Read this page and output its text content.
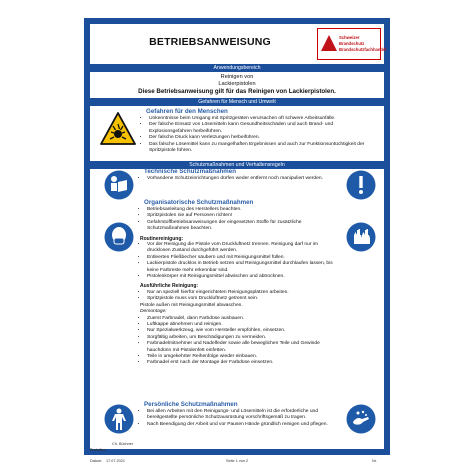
BETRIEBSANWEISUNG	Schweizer
Brandschutz
Brandschutzfachhandel
Anwendungsbereich
Reinigen von
Lackierpistolen
Diese Betriebsanweisung gilt für das Reinigen von Lackierpistolen.
Gefahren für Mensch und Umwelt
Gefahren für den Menschen
• Unkenntnisse beim Umgang mit Spritzgeräten verursachen oft schwere Arbeitsunfälle.
• Der falsche Einsatz von Lösemitteln kann Gesundheitsschäden und auch Brand- und Explosionsgefahren herbeiführen.
• Der falsche Druck kann Verletzungen herbeiführen.
• Das falsche Lösemittel kann zu mangelhaften Ergebnissen und auch zur Funktionsuntüchtigkeit der Spritzpistole führen.
Schutzmaßnahmen und Verhaltensregeln
Technische Schutzmaßnahmen
• Vorhandene Schutzeinrichtungen dürfen weder entfernt noch manipuliert werden.
Organisatorische Schutzmaßnahmen
• Betriebsanleitung des Herstellers beachten.
• Spritzpistolen nie auf Personen richten!
• Gefahrstoffbetriebsanweisungen der eingesetzten Stoffe für zusätzliche Schutzmaßnahmen beachten.
Routinereinigung:
• Vor der Reinigung die Pistole vom Druckluftnetz trennen. Reinigung darf nur im drucklosen Zustand durchgeführt werden.
• Entleerten Fließbecher säubern und mit Reinigungsmittel füllen.
• Lackierpistole drucklos in Betrieb setzen und Reinigungsmittel durchlaufen lassen, bis keine Farbreste mehr erkennbar sind.
• Pistolenkörper mit Reinigungsmittel abwischen und abtrocknen.
Ausführliche Reinigung:
• Nur an speziell hierfür eingerichteten Reinigungsplätzen arbeiten.
• Spritzpistole muss vom Druckluftnetz getrennt sein.
Pistole außen mit Reinigungsmittel abwaschen.
Demontage:
• Zuerst Farbnadel, dann Farbdüse ausbauen.
• Luftkappe abnehmen und reinigen.
• Nur Spezialwerkzeug, wie vom Hersteller empfohlen, einsetzen.
• Sorgfältig arbeiten, um Beschädigungen zu vermeiden.
• Farbnadelmitnehmer und Nadelfeder sowie alle beweglichen Teile und Gewinde hauchdünn mit Pistolenfett einfetten.
• Teile in umgekehrter Reihenfolge wieder einbauen.
• Farbnadel erst nach der Montage der Farbdüse einsetzen.
Persönliche Schutzmaßnahmen
• Bei allen Arbeiten mit den Reinigungs- und Lösemitteln ist die erforderliche und bereitgestellte persönliche Schutzausrüstung vorschriftsgemäß zu tragen.
• Nach Beendigung der Arbeit und vor Pausen Hände gründlich reinigen und pflegen.
Ch. Büchner
Ersteller:
Datum: 17.07.2021	Seite 1 von 2	Nr.
